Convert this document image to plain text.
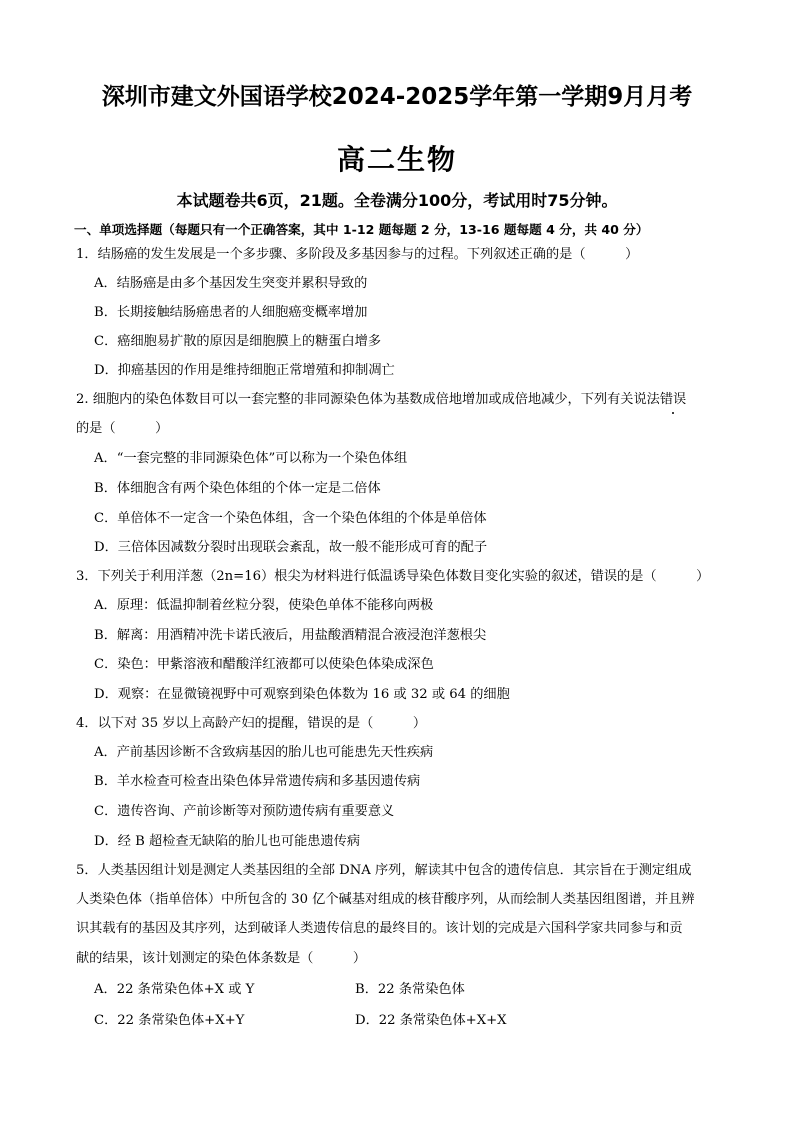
深圳市建文外国语学校2024-2025学年第一学期9月月考
高二生物
本试题卷共6页，21题。全卷满分100分，考试用时75分钟。
一、单项选择题（每题只有一个正确答案，其中 1-12 题每题 2 分，13-16 题每题 4 分，共 40 分）
1．结肠癌的发生发展是一个多步骤、多阶段及多基因参与的过程。下列叙述正确的是（　　　）
A．结肠癌是由多个基因发生突变并累积导致的
B．长期接触结肠癌患者的人细胞癌变概率增加
C．癌细胞易扩散的原因是细胞膜上的糖蛋白增多
D．抑癌基因的作用是维持细胞正常增殖和抑制凋亡
2. 细胞内的染色体数目可以一套完整的非同源染色体为基数成倍地增加或成倍地减少，下列有关说法错误
的是（　　　）
A．“一套完整的非同源染色体”可以称为一个染色体组
B．体细胞含有两个染色体组的个体一定是二倍体
C．单倍体不一定含一个染色体组，含一个染色体组的个体是单倍体
D．三倍体因减数分裂时出现联会紊乱，故一般不能形成可育的配子
3．下列关于利用洋葱（2n=16）根尖为材料进行低温诱导染色体数目变化实验的叙述，错误的是（　　　）
A．原理：低温抑制着丝粒分裂，使染色单体不能移向两极
B．解离：用酒精冲洗卡诺氏液后，用盐酸酒精混合液浸泡洋葱根尖
C．染色：甲紫溶液和醋酸洋红液都可以使染色体染成深色
D．观察：在显微镜视野中可观察到染色体数为 16 或 32 或 64 的细胞
4．以下对 35 岁以上高龄产妇的提醒，错误的是（　　　）
A．产前基因诊断不含致病基因的胎儿也可能患先天性疾病
B．羊水检查可检查出染色体异常遗传病和多基因遗传病
C．遗传咨询、产前诊断等对预防遗传病有重要意义
D．经 B 超检查无缺陷的胎儿也可能患遗传病
5．人类基因组计划是测定人类基因组的全部 DNA 序列，解读其中包含的遗传信息．其宗旨在于测定组成
人类染色体（指单倍体）中所包含的 30 亿个碱基对组成的核苷酸序列，从而绘制人类基因组图谱，并且辨
识其载有的基因及其序列，达到破译人类遗传信息的最终目的。该计划的完成是六国科学家共同参与和贡
献的结果，该计划测定的染色体条数是（　　　）
A．22 条常染色体+X 或 Y	B．22 条常染色体
C．22 条常染色体+X+Y	D．22 条常染色体+X+X
